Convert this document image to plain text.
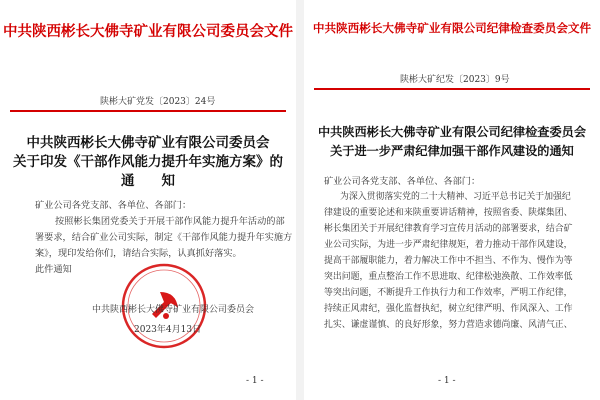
中共陕西彬长大佛寺矿业有限公司委员会文件
陕彬大矿党发〔2023〕24号
中共陕西彬长大佛寺矿业有限公司委员会
关于印发《干部作风能力提升年实施方案》的
通　　知
矿业公司各党支部、各单位、各部门：
按照彬长集团党委关于开展干部作风能力提升年活动的部
署要求，结合矿业公司实际，制定《干部作风能力提升年实施方
案》，现印发给你们，请结合实际，认真抓好落实。
此件通知
中共陕西彬长大佛寺矿业有限公司委员会
2023年4月13日
- 1 -
中共陕西彬长大佛寺矿业有限公司纪律检查委员会文件
陕彬大矿纪发〔2023〕9号
中共陕西彬长大佛寺矿业有限公司纪律检查委员会
关于进一步严肃纪律加强干部作风建设的通知
矿业公司各党支部、各单位、各部门：
为深入贯彻落实党的二十大精神、习近平总书记关于加强纪
律建设的重要论述和来陕重要讲话精神，按照省委、陕煤集团、
彬长集团关于开展纪律教育学习宣传月活动的部署要求，结合矿
业公司实际，为进一步严肃纪律规矩，着力推动干部作风建设，
提高干部履职能力，着力解决工作中不担当、不作为、慢作为等
突出问题，重点整治工作不思进取、纪律松弛涣散、工作效率低
等突出问题，不断提升工作执行力和工作效率，严明工作纪律，
持续正风肃纪，强化监督执纪，树立纪律严明、作风深入、工作
扎实、谦虚谨慎、的良好形象，努力营造求德尚廉、风清气正、
- 1 -
